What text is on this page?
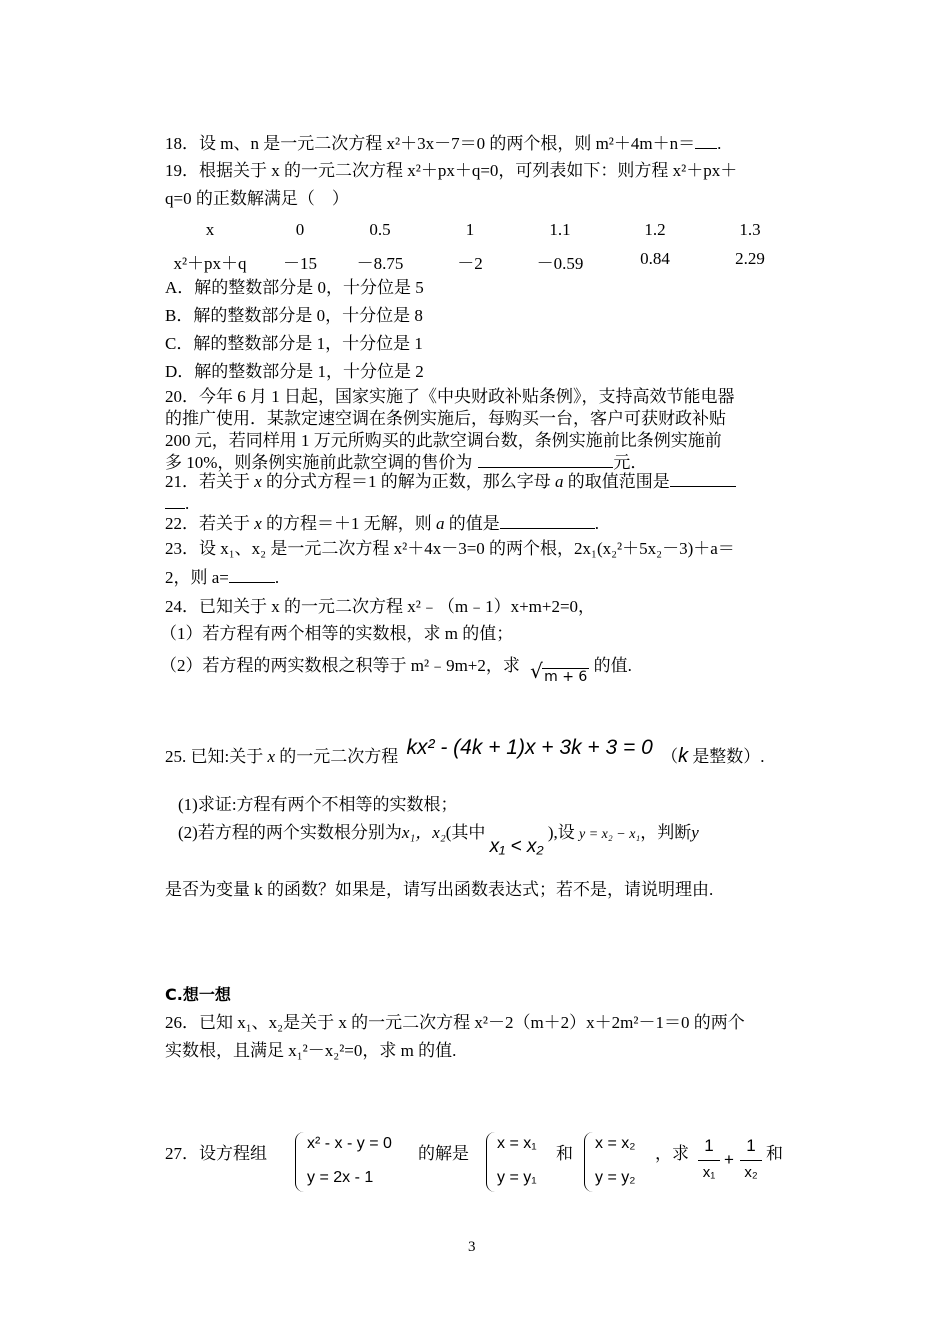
18．设 m、n 是一元二次方程 x²＋3x－7＝0 的两个根，则 m²＋4m＋n＝ .
19．根据关于 x 的一元二次方程 x²＋px＋q=0，可列表如下：则方程 x²＋px＋
q=0 的正数解满足（　）
x	0	0.5	1	1.1	1.2	1.3
x²＋px＋q	－15	－8.75	－2	－0.59	0.84	2.29
A．解的整数部分是 0，十分位是 5
B．解的整数部分是 0，十分位是 8
C．解的整数部分是 1，十分位是 1
D．解的整数部分是 1，十分位是 2
20．今年 6 月 1 日起，国家实施了《中央财政补贴条例》，支持高效节能电器
的推广使用．某款定速空调在条例实施后，每购买一台，客户可获财政补贴
200 元，若同样用 1 万元所购买的此款空调台数，条例实施前比条例实施前
多 10%，则条例实施前此款空调的售价为	元．
21．若关于 x 的分式方程＝1 的解为正数，那么字母 a 的取值范围是
.
22．若关于 x 的方程＝＋1 无解，则 a 的值是	.
23．设 x₁、x₂ 是一元二次方程 x²＋4x－3=0 的两个根，2x₁(x₂²＋5x₂－3)＋a＝
2，则 a=	.
24．已知关于 x 的一元二次方程 x²﹣（m﹣1）x+m+2=0，
（1）若方程有两个相等的实数根，求 m 的值；
（2）若方程的两实数根之积等于 m²﹣9m+2，求 √ m + 6 的值.
25. 已知:关于 x 的一元二次方程 kx² - (4k + 1)x + 3k + 3 = 0 （k 是整数）.
(1)求证:方程有两个不相等的实数根；
(2)若方程的两个实数根分别为x₁，x₂(其中 x₁ < x₂ ),设 y = x₂ − x₁，判断y
是否为变量 k 的函数？如果是，请写出函数表达式；若不是，请说明理由.
C.想一想
26．已知 x₁、x₂是关于 x 的一元二次方程 x²－2（m＋2）x＋2m²－1＝0 的两个
实数根，且满足 x₁²－x₂²=0，求 m 的值.
27．设方程组
x² - x - y = 0
y = 2x - 1
的解是
x = x₁
y = y₁
和
x = x₂
y = y₂
，求 1
x₁
+
1
x₂
和
3
